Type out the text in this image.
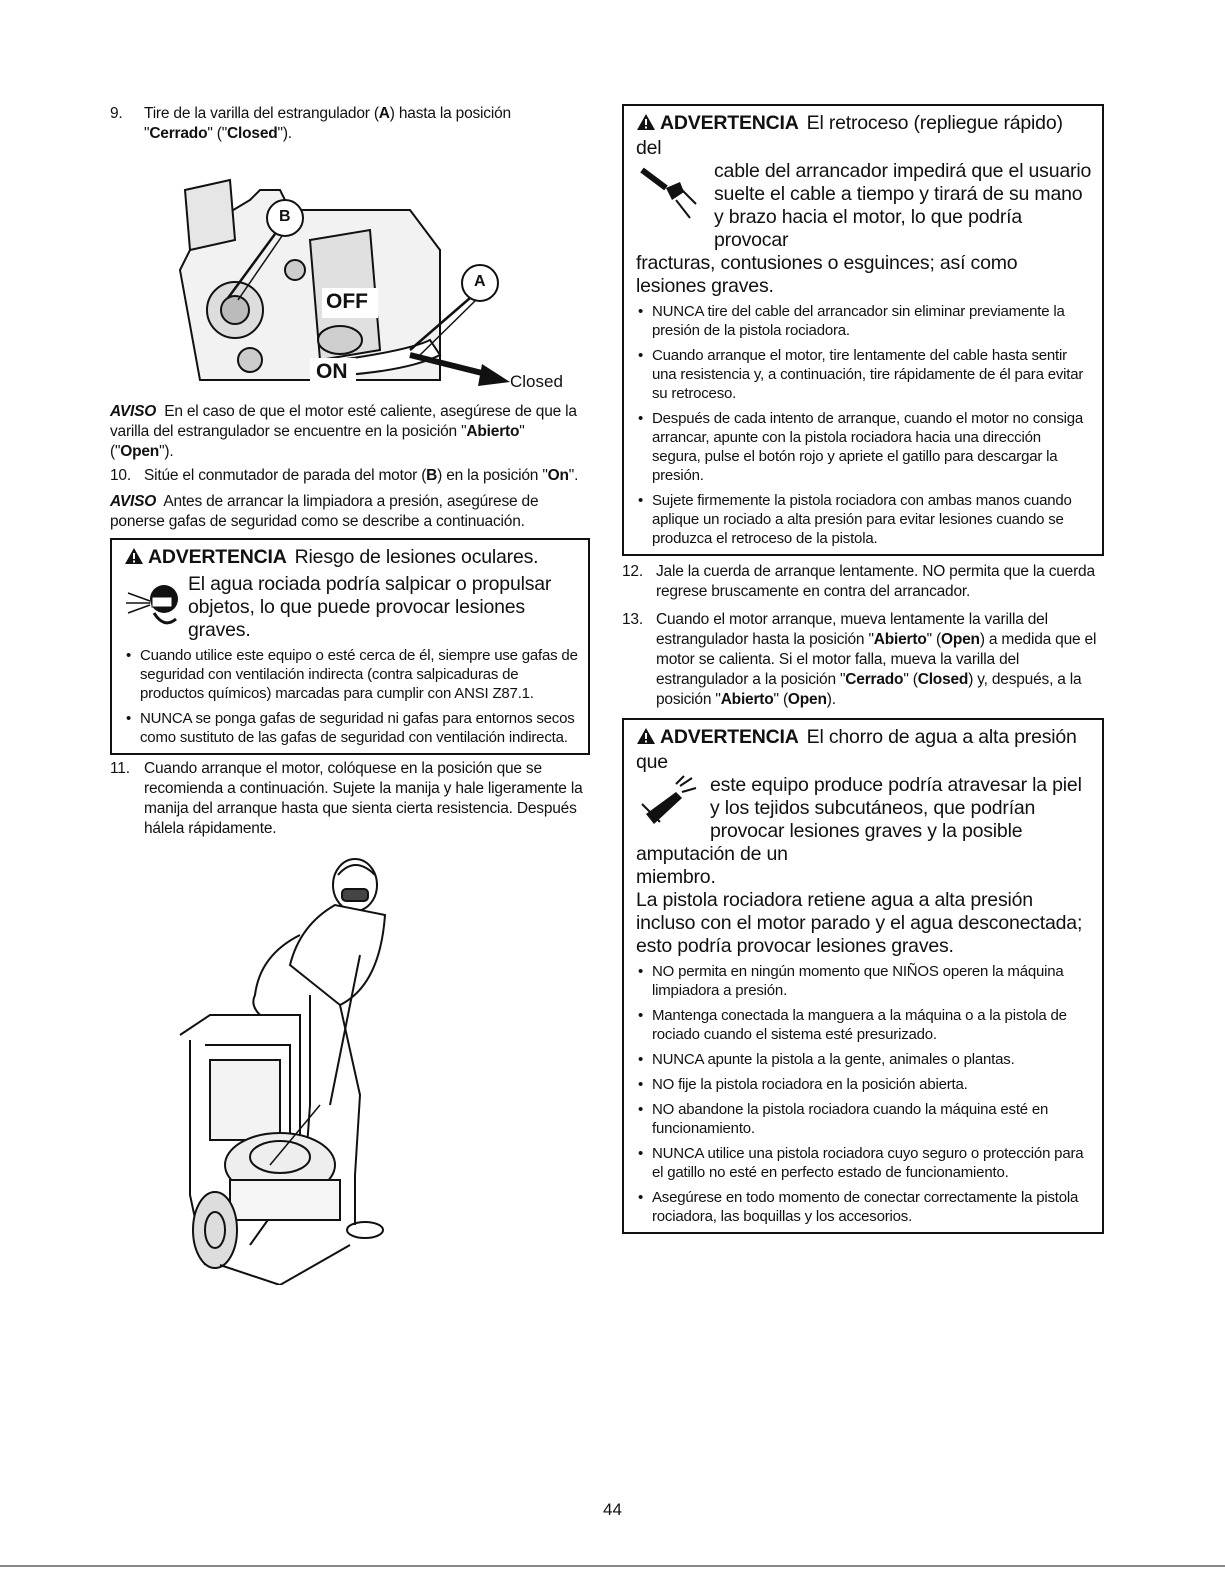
9.	Tire de la varilla del estrangulador (A) hasta la posición
"Cerrado" ("Closed").
B
A
OFF
ON	Closed
AVISO En el caso de que el motor esté caliente, asegúrese de que la varilla del estrangulador se encuentre en la posición "Abierto" ("Open").
10. Sitúe el conmutador de parada del motor (B) en la posición "On".
AVISO Antes de arrancar la limpiadora a presión, asegúrese de ponerse gafas de seguridad como se describe a continuación.
ADVERTENCIA Riesgo de lesiones oculares.
El agua rociada podría salpicar o propulsar objetos, lo que puede provocar lesiones graves.
• Cuando utilice este equipo o esté cerca de él, siempre use gafas de seguridad con ventilación indirecta (contra salpicaduras de productos químicos) marcadas para cumplir con ANSI Z87.1.
• NUNCA se ponga gafas de seguridad ni gafas para entornos secos como sustituto de las gafas de seguridad con ventilación indirecta.
11. Cuando arranque el motor, colóquese en la posición que se recomienda a continuación. Sujete la manija y hale ligeramente la manija del arranque hasta que sienta cierta resistencia. Después hálela rápidamente.
ADVERTENCIA El retroceso (repliegue rápido) del
cable del arrancador impedirá que el usuario suelte el cable a tiempo y tirará de su mano y brazo hacia el motor, lo que podría provocar
fracturas, contusiones o esguinces; así como lesiones graves.
• NUNCA tire del cable del arrancador sin eliminar previamente la presión de la pistola rociadora.
• Cuando arranque el motor, tire lentamente del cable hasta sentir una resistencia y, a continuación, tire rápidamente de él para evitar su retroceso.
• Después de cada intento de arranque, cuando el motor no consiga arrancar, apunte con la pistola rociadora hacia una dirección segura, pulse el botón rojo y apriete el gatillo para descargar la presión.
• Sujete firmemente la pistola rociadora con ambas manos cuando aplique un rociado a alta presión para evitar lesiones cuando se produzca el retroceso de la pistola.
12. Jale la cuerda de arranque lentamente. NO permita que la cuerda regrese bruscamente en contra del arrancador.
13. Cuando el motor arranque, mueva lentamente la varilla del estrangulador hasta la posición "Abierto" (Open) a medida que el motor se calienta. Si el motor falla, mueva la varilla del estrangulador a la posición "Cerrado" (Closed) y, después, a la posición "Abierto" (Open).
ADVERTENCIA El chorro de agua a alta presión que
este equipo produce podría atravesar la piel y los tejidos subcutáneos, que podrían provocar lesiones graves y la posible amputación de un
miembro.
La pistola rociadora retiene agua a alta presión incluso con el motor parado y el agua desconectada; esto podría provocar lesiones graves.
• NO permita en ningún momento que NIÑOS operen la máquina limpiadora a presión.
• Mantenga conectada la manguera a la máquina o a la pistola de rociado cuando el sistema esté presurizado.
• NUNCA apunte la pistola a la gente, animales o plantas.
• NO fije la pistola rociadora en la posición abierta.
• NO abandone la pistola rociadora cuando la máquina esté en funcionamiento.
• NUNCA utilice una pistola rociadora cuyo seguro o protección para el gatillo no esté en perfecto estado de funcionamiento.
• Asegúrese en todo momento de conectar correctamente la pistola rociadora, las boquillas y los accesorios.
44
